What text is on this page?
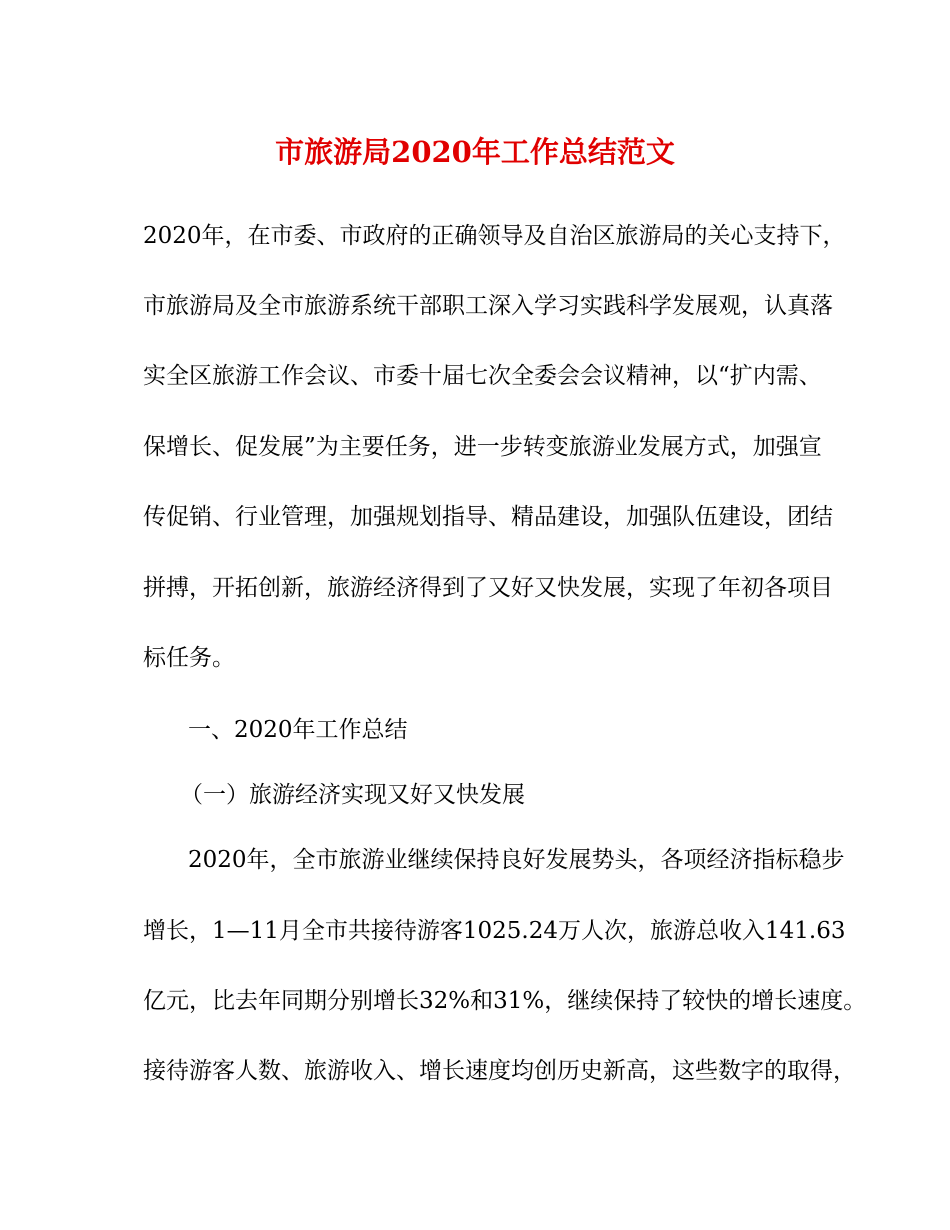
市旅游局2020年工作总结范文
2020年，在市委、市政府的正确领导及自治区旅游局的关心支持下，
市旅游局及全市旅游系统干部职工深入学习实践科学发展观，认真落
实全区旅游工作会议、市委十届七次全委会会议精神，以“扩内需、
保增长、促发展”为主要任务，进一步转变旅游业发展方式，加强宣
传促销、行业管理，加强规划指导、精品建设，加强队伍建设，团结
拼搏，开拓创新，旅游经济得到了又好又快发展，实现了年初各项目
标任务。
一、2020年工作总结
（一）旅游经济实现又好又快发展
2020年，全市旅游业继续保持良好发展势头，各项经济指标稳步
增长，1—11月全市共接待游客1025.24万人次，旅游总收入141.63
亿元，比去年同期分别增长32%和31%，继续保持了较快的增长速度。
接待游客人数、旅游收入、增长速度均创历史新高，这些数字的取得，
